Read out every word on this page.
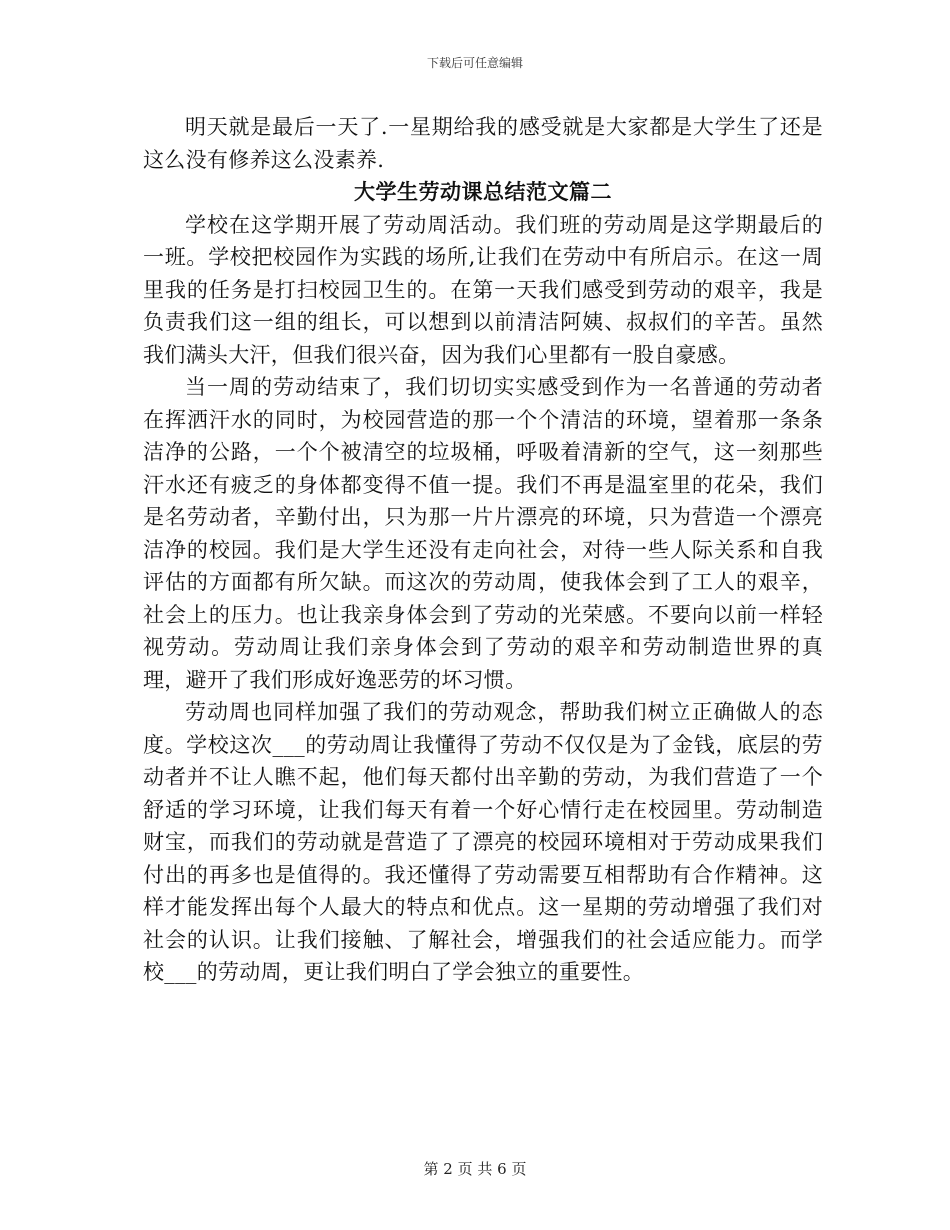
下载后可任意编辑

明天就是最后一天了.一星期给我的感受就是大家都是大学生了还是这么没有修养这么没素养.

大学生劳动课总结范文篇二

学校在这学期开展了劳动周活动。我们班的劳动周是这学期最后的一班。学校把校园作为实践的场所,让我们在劳动中有所启示。在这一周里我的任务是打扫校园卫生的。在第一天我们感受到劳动的艰辛，我是负责我们这一组的组长，可以想到以前清洁阿姨、叔叔们的辛苦。虽然我们满头大汗，但我们很兴奋，因为我们心里都有一股自豪感。

当一周的劳动结束了，我们切切实实感受到作为一名普通的劳动者在挥洒汗水的同时，为校园营造的那一个个清洁的环境，望着那一条条洁净的公路，一个个被清空的垃圾桶，呼吸着清新的空气，这一刻那些汗水还有疲乏的身体都变得不值一提。我们不再是温室里的花朵，我们是名劳动者，辛勤付出，只为那一片片漂亮的环境，只为营造一个漂亮洁净的校园。我们是大学生还没有走向社会，对待一些人际关系和自我评估的方面都有所欠缺。而这次的劳动周，使我体会到了工人的艰辛，社会上的压力。也让我亲身体会到了劳动的光荣感。不要向以前一样轻视劳动。劳动周让我们亲身体会到了劳动的艰辛和劳动制造世界的真理，避开了我们形成好逸恶劳的坏习惯。

劳动周也同样加强了我们的劳动观念，帮助我们树立正确做人的态度。学校这次___的劳动周让我懂得了劳动不仅仅是为了金钱，底层的劳动者并不让人瞧不起，他们每天都付出辛勤的劳动，为我们营造了一个舒适的学习环境，让我们每天有着一个好心情行走在校园里。劳动制造财宝，而我们的劳动就是营造了了漂亮的校园环境相对于劳动成果我们付出的再多也是值得的。我还懂得了劳动需要互相帮助有合作精神。这样才能发挥出每个人最大的特点和优点。这一星期的劳动增强了我们对社会的认识。让我们接触、了解社会，增强我们的社会适应能力。而学校___的劳动周，更让我们明白了学会独立的重要性。

第 2 页 共 6 页
